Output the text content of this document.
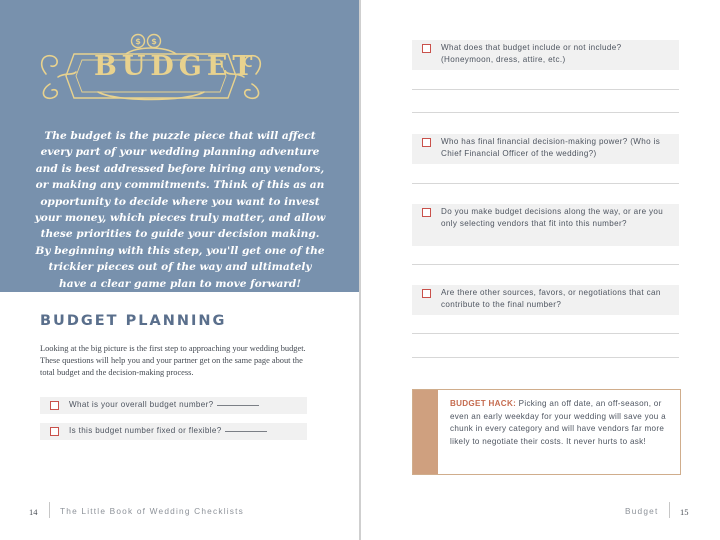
$ $
BUDGET
The budget is the puzzle piece that will affect every part of your wedding planning adventure and is best addressed before hiring any vendors, or making any commitments. Think of this as an opportunity to decide where you want to invest your money, which pieces truly matter, and allow these priorities to guide your decision making. By beginning with this step, you'll get one of the trickier pieces out of the way and ultimately have a clear game plan to move forward!
BUDGET PLANNING

Looking at the big picture is the first step to approaching your wedding budget. These questions will help you and your partner get on the same page about the total budget and the decision-making process.

What is your overall budget number?
Is this budget number fixed or flexible?
What does that budget include or not include? (Honeymoon, dress, attire, etc.)
Who has final financial decision-making power? (Who is Chief Financial Officer of the wedding?)
Do you make budget decisions along the way, or are you only selecting vendors that fit into this number?
Are there other sources, favors, or negotiations that can contribute to the final number?
BUDGET HACK: Picking an off date, an off-season, or even an early weekday for your wedding will save you a chunk in every category and will have vendors far more likely to negotiate their costs. It never hurts to ask!
14	The Little Book of Wedding Checklists	Budget	15
